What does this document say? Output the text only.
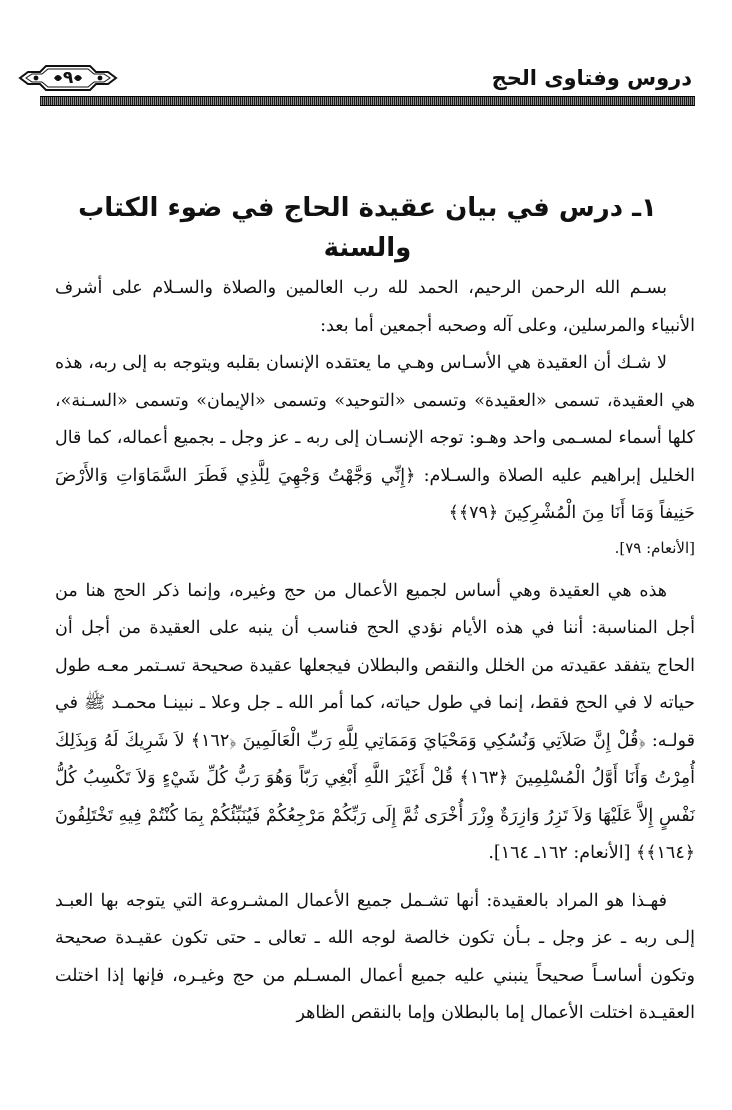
دروس وفتاوى الحج
٩
١ـ درس في بيان عقيدة الحاج في ضوء الكتاب والسنة

بسـم الله الرحمن الرحيم، الحمد لله رب العالمين والصلاة والسـلام على أشرف الأنبياء والمرسلين، وعلى آله وصحبه أجمعين أما بعد:

لا شـك أن العقيدة هي الأسـاس وهـي ما يعتقده الإنسان بقلبه ويتوجه به إلى ربه، هذه هي العقيدة، تسمى «العقيدة» وتسمى «التوحيد» وتسمى «الإيمان» وتسمى «السـنة»، كلها أسماء لمسـمى واحد وهـو: توجه الإنسـان إلى ربه ـ عز وجل ـ بجميع أعماله، كما قال الخليل إبراهيم عليه الصلاة والسـلام: ﴿إِنِّي وَجَّهْتُ وَجْهِيَ لِلَّذِي فَطَرَ السَّمَاوَاتِ وَالأَرْضَ حَنِيفاً وَمَا أَنَا مِنَ الْمُشْرِكِينَ ﴿٧٩﴾﴾

[الأنعام: ٧٩].

هذه هي العقيدة وهي أساس لجميع الأعمال من حج وغيره، وإنما ذكر الحج هنا من أجل المناسبة: أننا في هذه الأيام نؤدي الحج فناسب أن ينبه على العقيدة من أجل أن الحاج يتفقد عقيدته من الخلل والنقص والبطلان فيجعلها عقيدة صحيحة تسـتمر معـه طول حياته لا في الحج فقط، إنما في طول حياته، كما أمر الله ـ جل وعلا ـ نبينـا محمـد ﷺ في قولـه: ﴿قُلْ إِنَّ صَلاَتِي وَنُسُكِي وَمَحْيَايَ وَمَمَاتِي لِلَّهِ رَبِّ الْعَالَمِينَ ﴿١٦٢﴾ لاَ شَرِيكَ لَهُ وَبِذَلِكَ أُمِرْتُ وَأَنَا أَوَّلُ الْمُسْلِمِينَ ﴿١٦٣﴾ قُلْ أَغَيْرَ اللَّهِ أَبْغِي رَبّاً وَهُوَ رَبُّ كُلِّ شَيْءٍ وَلاَ تَكْسِبُ كُلُّ نَفْسٍ إِلاَّ عَلَيْهَا وَلاَ تَزِرُ وَازِرَةٌ وِزْرَ أُخْرَى ثُمَّ إِلَى رَبِّكُمْ مَرْجِعُكُمْ فَيُنَبِّئُكُمْ بِمَا كُنْتُمْ فِيهِ تَخْتَلِفُونَ ﴿١٦٤﴾﴾ [الأنعام: ١٦٢ـ ١٦٤].

فهـذا هو المراد بالعقيدة: أنها تشـمل جميع الأعمال المشـروعة التي يتوجه بها العبـد إلـى ربه ـ عز وجل ـ بـأن تكون خالصة لوجه الله ـ تعالى ـ حتى تكون عقيـدة صحيحة وتكون أساسـاً صحيحاً ينبني عليه جميع أعمال المسـلم من حج وغيـره، فإنها إذا اختلت العقيـدة اختلت الأعمال إما بالبطلان وإما بالنقص الظاهر
